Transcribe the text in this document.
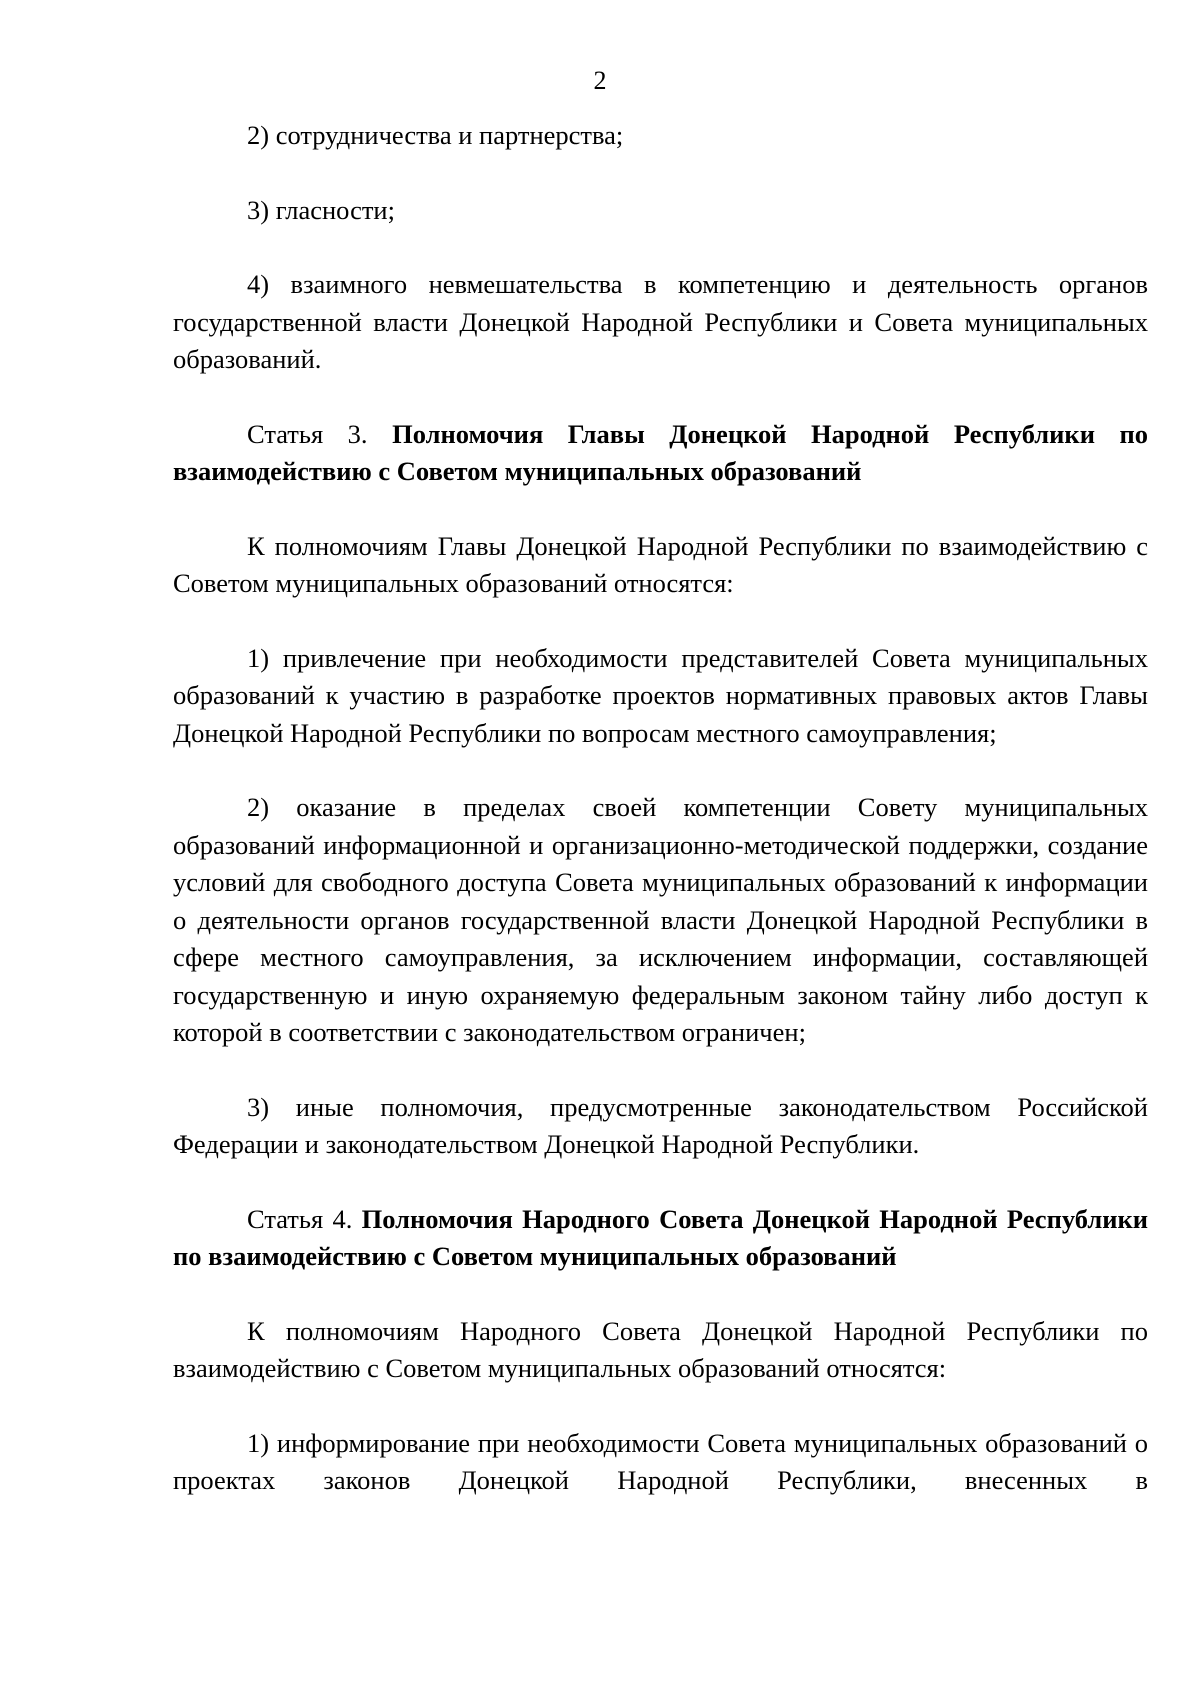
2

2) сотрудничества и партнерства;

3) гласности;

4) взаимного невмешательства в компетенцию и деятельность органов государственной власти Донецкой Народной Республики и Совета муниципальных образований.

Статья 3. Полномочия Главы Донецкой Народной Республики по взаимодействию с Советом муниципальных образований

К полномочиям Главы Донецкой Народной Республики по взаимодействию с Советом муниципальных образований относятся:

1) привлечение при необходимости представителей Совета муниципальных образований к участию в разработке проектов нормативных правовых актов Главы Донецкой Народной Республики по вопросам местного самоуправления;

2) оказание в пределах своей компетенции Совету муниципальных образований информационной и организационно-методической поддержки, создание условий для свободного доступа Совета муниципальных образований к информации о деятельности органов государственной власти Донецкой Народной Республики в сфере местного самоуправления, за исключением информации, составляющей государственную и иную охраняемую федеральным законом тайну либо доступ к которой в соответствии с законодательством ограничен;

3) иные полномочия, предусмотренные законодательством Российской Федерации и законодательством Донецкой Народной Республики.

Статья 4. Полномочия Народного Совета Донецкой Народной Республики по взаимодействию с Советом муниципальных образований

К полномочиям Народного Совета Донецкой Народной Республики по взаимодействию с Советом муниципальных образований относятся:

1) информирование при необходимости Совета муниципальных образований о проектах законов Донецкой Народной Республики, внесенных в
